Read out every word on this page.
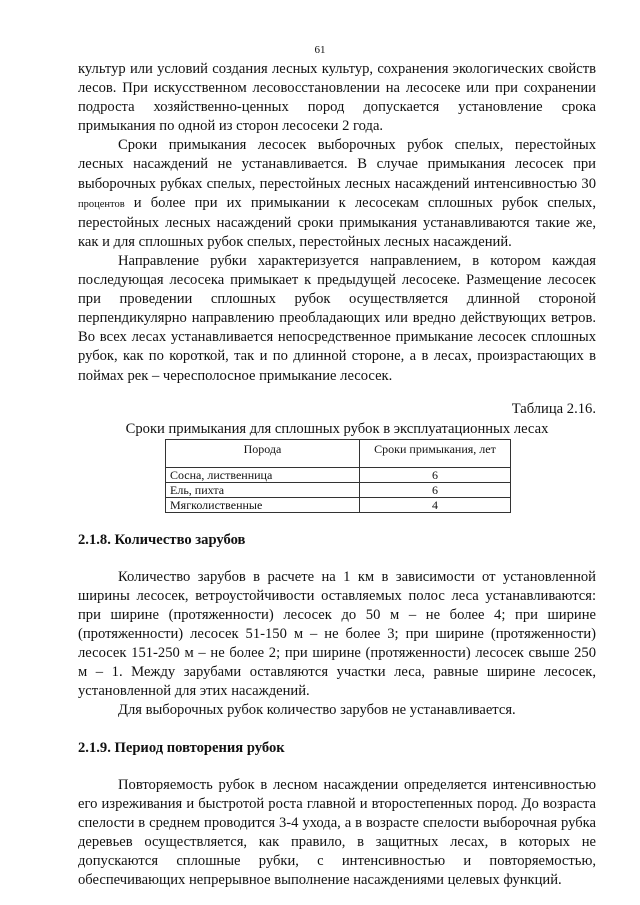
61

культур или условий создания лесных культур, сохранения экологических свойств лесов. При искусственном лесовосстановлении на лесосеке или при сохранении подроста хозяйственно-ценных пород допускается установление срока примыкания по одной из сторон лесосеки 2 года.

Сроки примыкания лесосек выборочных рубок спелых, перестойных лесных насаждений не устанавливается. В случае примыкания лесосек при выборочных рубках спелых, перестойных лесных насаждений интенсивностью 30 процентов и более при их примыкании к лесосекам сплошных рубок спелых, перестойных лесных насаждений сроки примыкания устанавливаются такие же, как и для сплошных рубок спелых, перестойных лесных насаждений.

Направление рубки характеризуется направлением, в котором каждая последующая лесосека примыкает к предыдущей лесосеке. Размещение лесосек при проведении сплошных рубок осуществляется длинной стороной перпендикулярно направлению преобладающих или вредно действующих ветров. Во всех лесах устанавливается непосредственное примыкание лесосек сплошных рубок, как по короткой, так и по длинной стороне, а в лесах, произрастающих в поймах рек – чересполосное примыкание лесосек.

Таблица 2.16.
Сроки примыкания для сплошных рубок в эксплуатационных лесах
Порода	Сроки примыкания, лет
Сосна, лиственница	6
Ель, пихта	6
Мягколиственные	4
2.1.8. Количество зарубов

Количество зарубов в расчете на 1 км в зависимости от установленной ширины лесосек, ветроустойчивости оставляемых полос леса устанавливаются: при ширине (протяженности) лесосек до 50 м – не более 4; при ширине (протяженности) лесосек 51-150 м – не более 3; при ширине (протяженности) лесосек 151-250 м – не более 2; при ширине (протяженности) лесосек свыше 250 м – 1. Между зарубами оставляются участки леса, равные ширине лесосек, установленной для этих насаждений.

Для выборочных рубок количество зарубов не устанавливается.

2.1.9. Период повторения рубок

Повторяемость рубок в лесном насаждении определяется интенсивностью его изреживания и быстротой роста главной и второстепенных пород. До возраста спелости в среднем проводится 3-4 ухода, а в возрасте спелости выборочная рубка деревьев осуществляется, как правило, в защитных лесах, в которых не допускаются сплошные рубки, с интенсивностью и повторяемостью, обеспечивающих непрерывное выполнение насаждениями целевых функций.
